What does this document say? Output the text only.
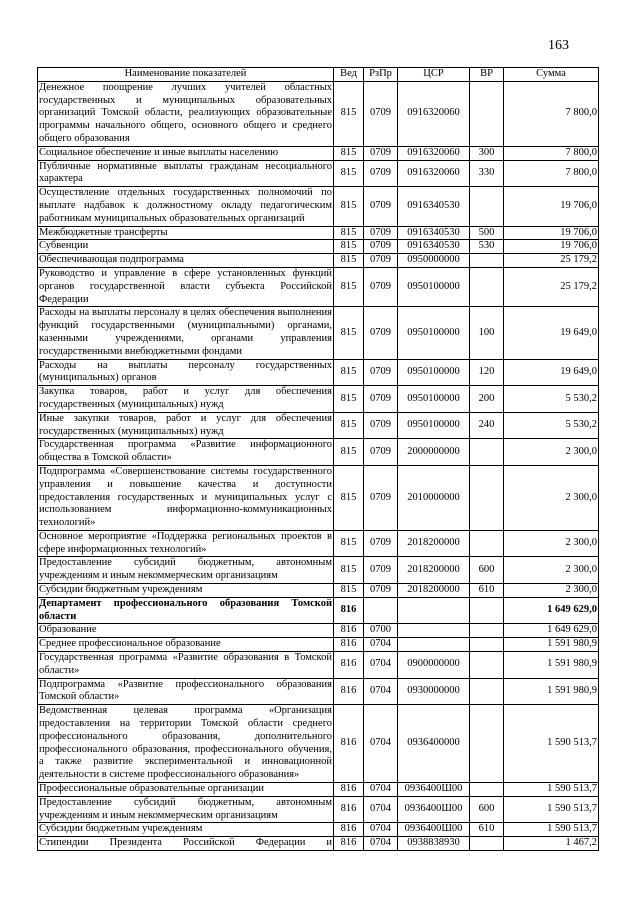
163
Наименование показателей	Вед	РзПр	ЦСР	ВР	Сумма
Денежное поощрение лучших учителей областных государственных и муниципальных образовательных организаций Томской области, реализующих образовательные программы начального общего, основного общего и среднего общего образования	815	0709	0916320060		7 800,0
Социальное обеспечение и иные выплаты населению	815	0709	0916320060	300	7 800,0
Публичные нормативные выплаты гражданам несоциального характера	815	0709	0916320060	330	7 800,0
Осуществление отдельных государственных полномочий по выплате надбавок к должностному окладу педагогическим работникам муниципальных образовательных организаций	815	0709	0916340530		19 706,0
Межбюджетные трансферты	815	0709	0916340530	500	19 706,0
Субвенции	815	0709	0916340530	530	19 706,0
Обеспечивающая подпрограмма	815	0709	0950000000		25 179,2
Руководство и управление в сфере установленных функций органов государственной власти субъекта Российской Федерации	815	0709	0950100000		25 179,2
Расходы на выплаты персоналу в целях обеспечения выполнения функций государственными (муниципальными) органами, казенными учреждениями, органами управления государственными внебюджетными фондами	815	0709	0950100000	100	19 649,0
Расходы на выплаты персоналу государственных (муниципальных) органов	815	0709	0950100000	120	19 649,0
Закупка товаров, работ и услуг для обеспечения государственных (муниципальных) нужд	815	0709	0950100000	200	5 530,2
Иные закупки товаров, работ и услуг для обеспечения государственных (муниципальных) нужд	815	0709	0950100000	240	5 530,2
Государственная программа «Развитие информационного общества в Томской области»	815	0709	2000000000		2 300,0
Подпрограмма «Совершенствование системы государственного управления и повышение качества и доступности предоставления государственных и муниципальных услуг с использованием информационно-коммуникационных технологий»	815	0709	2010000000		2 300,0
Основное мероприятие «Поддержка региональных проектов в сфере информационных технологий»	815	0709	2018200000		2 300,0
Предоставление субсидий бюджетным, автономным учреждениям и иным некоммерческим организациям	815	0709	2018200000	600	2 300,0
Субсидии бюджетным учреждениям	815	0709	2018200000	610	2 300,0
Департамент профессионального образования Томской области	816				1 649 629,0
Образование	816	0700			1 649 629,0
Среднее профессиональное образование	816	0704			1 591 980,9
Государственная программа «Развитие образования в Томской области»	816	0704	0900000000		1 591 980,9
Подпрограмма «Развитие профессионального образования Томской области»	816	0704	0930000000		1 591 980,9
Ведомственная целевая программа «Организация предоставления на территории Томской области среднего профессионального образования, дополнительного профессионального образования, профессионального обучения, а также развитие экспериментальной и инновационной деятельности в системе профессионального образования»	816	0704	0936400000		1 590 513,7
Профессиональные образовательные организации	816	0704	0936400Ш00		1 590 513,7
Предоставление субсидий бюджетным, автономным учреждениям и иным некоммерческим организациям	816	0704	0936400Ш00	600	1 590 513,7
Субсидии бюджетным учреждениям	816	0704	0936400Ш00	610	1 590 513,7
Стипендии Президента Российской Федерации и	816	0704	0938838930		1 467,2
